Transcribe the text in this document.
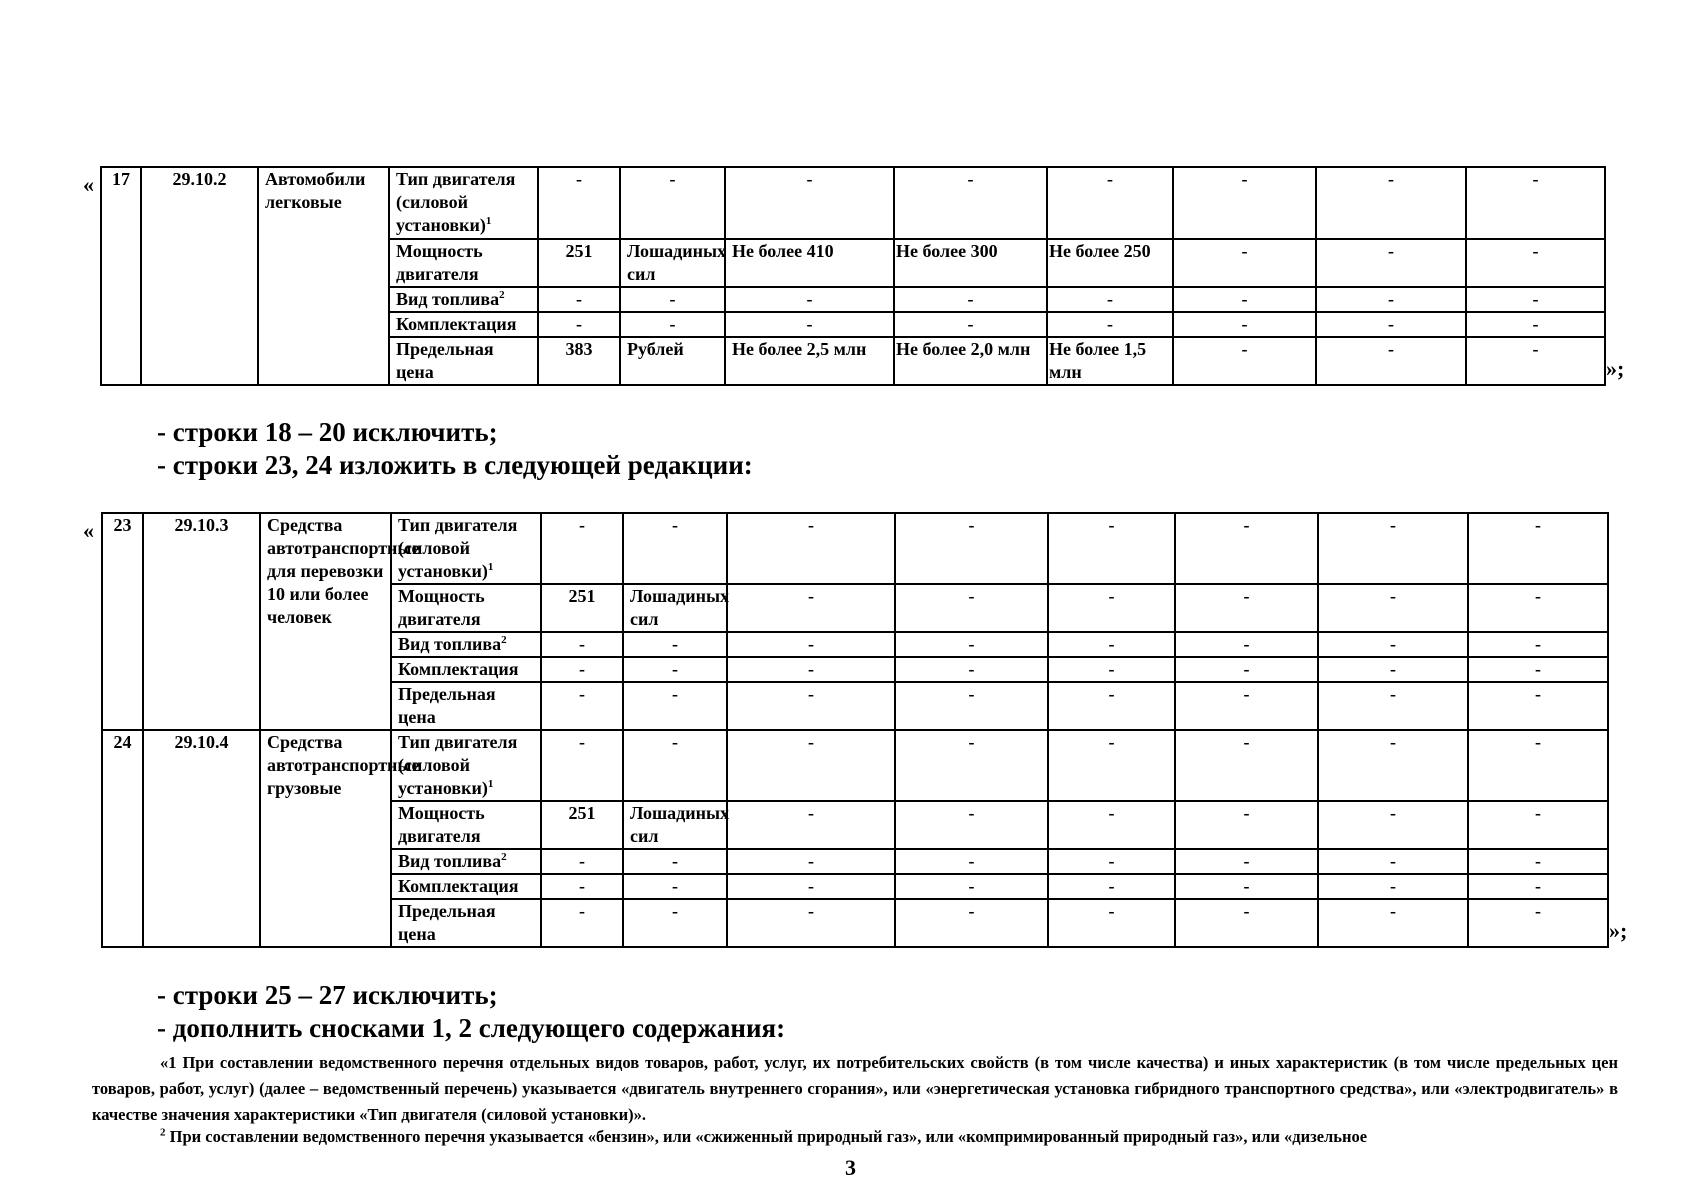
« 17	29.10.2	Автомобили легковые	Тип двигателя (силовой установки)$^1$	-	-	-	-	-	-	-	-
			Мощность двигателя	251	Лошадиных сил	Не более 410	Не более 300	Не более 250	-	-	-
			Вид топлива$^2$	-	-	-	-	-	-	-	-
			Комплектация	-	-	-	-	-	-	-	-
			Предельная цена	383	Рублей	Не более 2,5 млн	Не более 2,0 млн	Не более 1,5 млн	-	-	-
»;
- строки 18 – 20 исключить;
- строки 23, 24 изложить в следующей редакции:
« 23	29.10.3	Средства автотранспортные для перевозки 10 или более человек	Тип двигателя (силовой установки)$^1$	-	-	-	-	-	-	-	-
			Мощность двигателя	251	Лошадиных сил	-	-	-	-	-	-
			Вид топлива$^2$	-	-	-	-	-	-	-	-
			Комплектация	-	-	-	-	-	-	-	-
			Предельная цена	-	-	-	-	-	-	-	-
24	29.10.4	Средства автотранспортные грузовые	Тип двигателя (силовой установки)$^1$	-	-	-	-	-	-	-	-
			Мощность двигателя	251	Лошадиных сил	-	-	-	-	-	-
			Вид топлива$^2$	-	-	-	-	-	-	-	-
			Комплектация	-	-	-	-	-	-	-	-
			Предельная цена	-	-	-	-	-	-	-	-
»;
- строки 25 – 27 исключить;
- дополнить сносками 1, 2 следующего содержания:
«1 При составлении ведомственного перечня отдельных видов товаров, работ, услуг, их потребительских свойств (в том числе качества) и иных характеристик (в том числе предельных цен товаров, работ, услуг) (далее – ведомственный перечень) указывается «двигатель внутреннего сгорания», или «энергетическая установка гибридного транспортного средства», или «электродвигатель» в качестве значения характеристики «Тип двигателя (силовой установки)».
$^2$ При составлении ведомственного перечня указывается «бензин», или «сжиженный природный газ», или «компримированный природный газ», или «дизельное
3
